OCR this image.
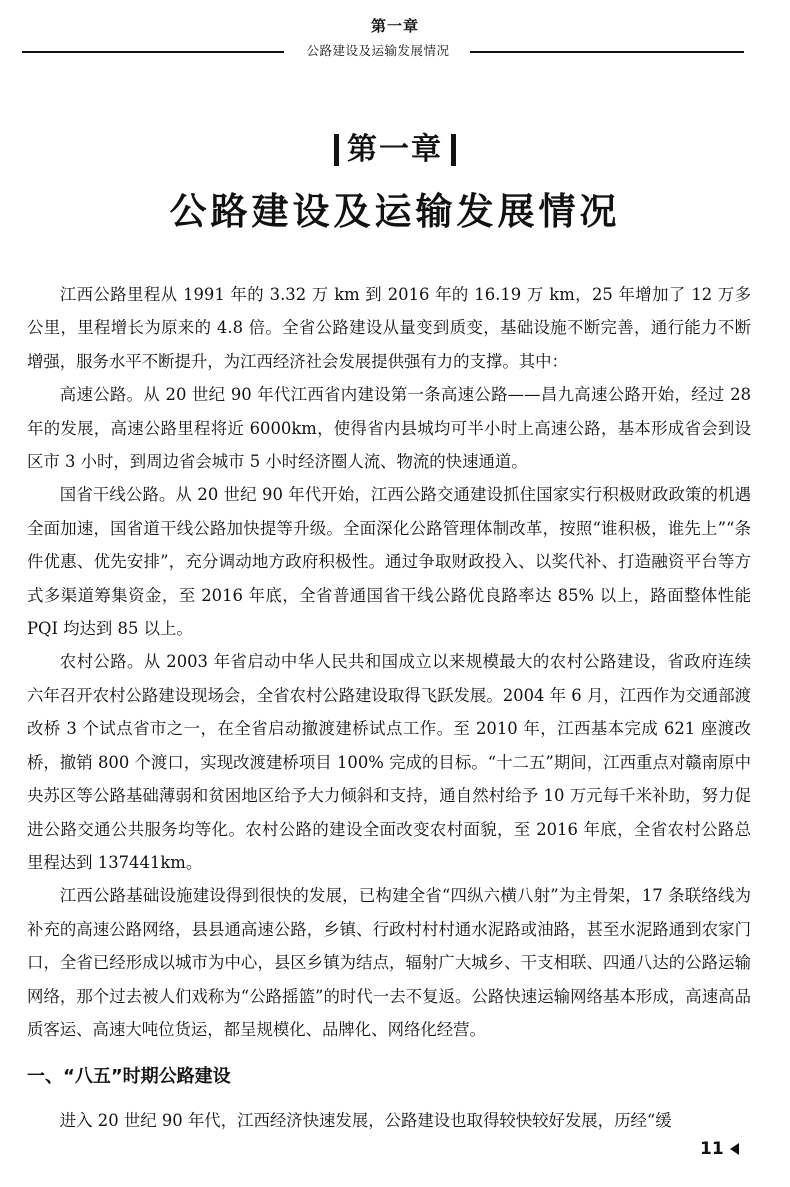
第一章
公路建设及运输发展情况
第一章
公路建设及运输发展情况

江西公路里程从 1991 年的 3.32 万 km 到 2016 年的 16.19 万 km，25 年增加了 12 万多公里，里程增长为原来的 4.8 倍。全省公路建设从量变到质变，基础设施不断完善，通行能力不断增强，服务水平不断提升，为江西经济社会发展提供强有力的支撑。其中：

高速公路。从 20 世纪 90 年代江西省内建设第一条高速公路——昌九高速公路开始，经过 28 年的发展，高速公路里程将近 6000km，使得省内县城均可半小时上高速公路，基本形成省会到设区市 3 小时，到周边省会城市 5 小时经济圈人流、物流的快速通道。

国省干线公路。从 20 世纪 90 年代开始，江西公路交通建设抓住国家实行积极财政政策的机遇全面加速，国省道干线公路加快提等升级。全面深化公路管理体制改革，按照“谁积极，谁先上”“条件优惠、优先安排”，充分调动地方政府积极性。通过争取财政投入、以奖代补、打造融资平台等方式多渠道筹集资金，至 2016 年底，全省普通国省干线公路优良路率达 85% 以上，路面整体性能 PQI 均达到 85 以上。

农村公路。从 2003 年省启动中华人民共和国成立以来规模最大的农村公路建设，省政府连续六年召开农村公路建设现场会，全省农村公路建设取得飞跃发展。2004 年 6 月，江西作为交通部渡改桥 3 个试点省市之一，在全省启动撤渡建桥试点工作。至 2010 年，江西基本完成 621 座渡改桥，撤销 800 个渡口，实现改渡建桥项目 100% 完成的目标。“十二五”期间，江西重点对赣南原中央苏区等公路基础薄弱和贫困地区给予大力倾斜和支持，通自然村给予 10 万元每千米补助，努力促进公路交通公共服务均等化。农村公路的建设全面改变农村面貌，至 2016 年底，全省农村公路总里程达到 137441km。

江西公路基础设施建设得到很快的发展，已构建全省“四纵六横八射”为主骨架，17 条联络线为补充的高速公路网络，县县通高速公路，乡镇、行政村村村通水泥路或油路，甚至水泥路通到农家门口，全省已经形成以城市为中心，县区乡镇为结点，辐射广大城乡、干支相联、四通八达的公路运输网络，那个过去被人们戏称为“公路摇篮”的时代一去不复返。公路快速运输网络基本形成，高速高品质客运、高速大吨位货运，都呈规模化、品牌化、网络化经营。

一、“八五”时期公路建设

进入 20 世纪 90 年代，江西经济快速发展，公路建设也取得较快较好发展，历经“缓

11
